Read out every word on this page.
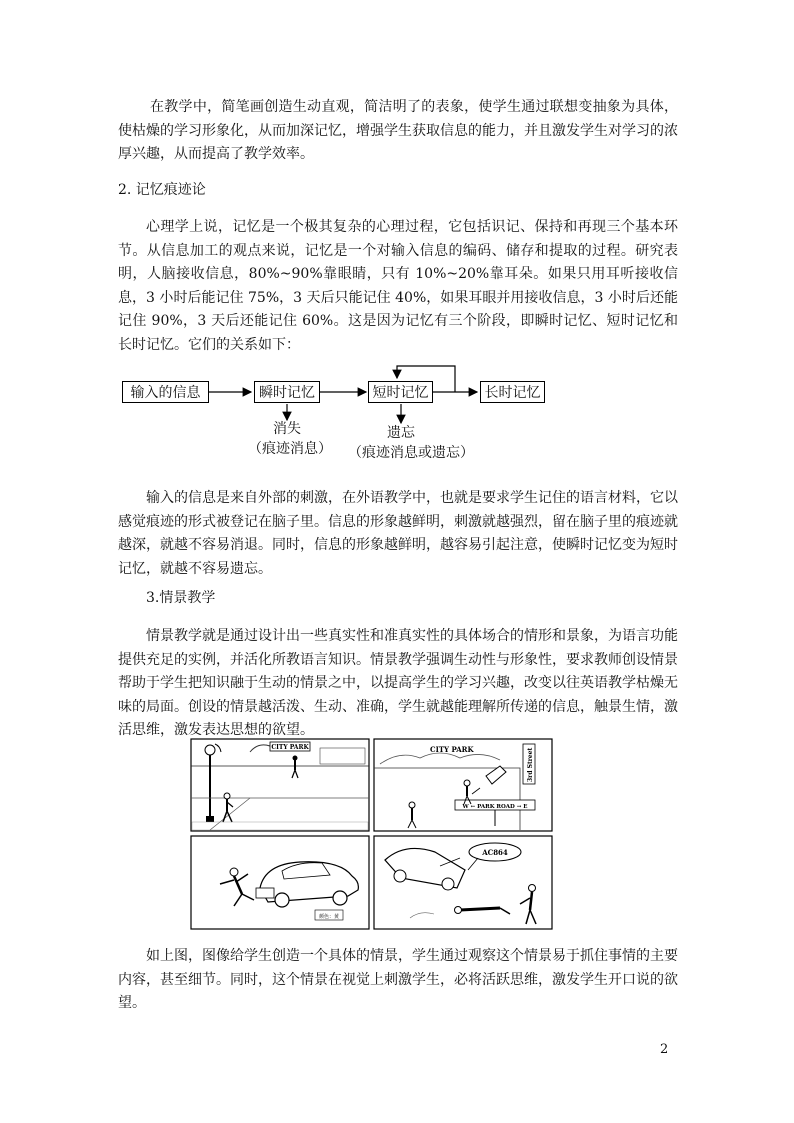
在教学中，简笔画创造生动直观，简洁明了的表象，使学生通过联想变抽象为具体，使枯燥的学习形象化，从而加深记忆，增强学生获取信息的能力，并且激发学生对学习的浓厚兴趣，从而提高了教学效率。
2. 记忆痕迹论
心理学上说，记忆是一个极其复杂的心理过程，它包括识记、保持和再现三个基本环节。从信息加工的观点来说，记忆是一个对输入信息的编码、储存和提取的过程。研究表明，人脑接收信息，80%~90%靠眼睛，只有 10%~20%靠耳朵。如果只用耳听接收信息，3 小时后能记住 75%，3 天后只能记住 40%，如果耳眼并用接收信息，3 小时后还能记住 90%，3 天后还能记住 60%。这是因为记忆有三个阶段，即瞬时记忆、短时记忆和长时记忆。它们的关系如下：
输入的信息	瞬时记忆	短时记忆	长时记忆
消失
（痕迹消息）
遗忘
（痕迹消息或遗忘）
输入的信息是来自外部的刺激，在外语教学中，也就是要求学生记住的语言材料，它以感觉痕迹的形式被登记在脑子里。信息的形象越鲜明，刺激就越强烈，留在脑子里的痕迹就越深，就越不容易消退。同时，信息的形象越鲜明，越容易引起注意，使瞬时记忆变为短时记忆，就越不容易遗忘。
3.情景教学
情景教学就是通过设计出一些真实性和准真实性的具体场合的情形和景象，为语言功能提供充足的实例，并活化所教语言知识。情景教学强调生动性与形象性，要求教师创设情景帮助于学生把知识融于生动的情景之中，以提高学生的学习兴趣，改变以往英语教学枯燥无味的局面。创设的情景越活泼、生动、准确，学生就越能理解所传递的信息，触景生情，激活思维，激发表达思想的欲望。
CITY PARK	CITY PARK	3rd Street
W ← PARK ROAD → E
颜色：黄
AC864
如上图，图像给学生创造一个具体的情景，学生通过观察这个情景易于抓住事情的主要内容，甚至细节。同时，这个情景在视觉上刺激学生，必将活跃思维，激发学生开口说的欲望。
2
